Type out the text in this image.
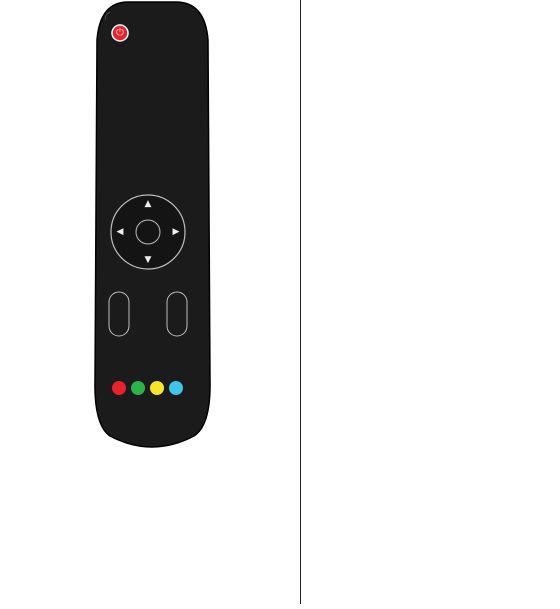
⏻
▲
▼
◀	▶
